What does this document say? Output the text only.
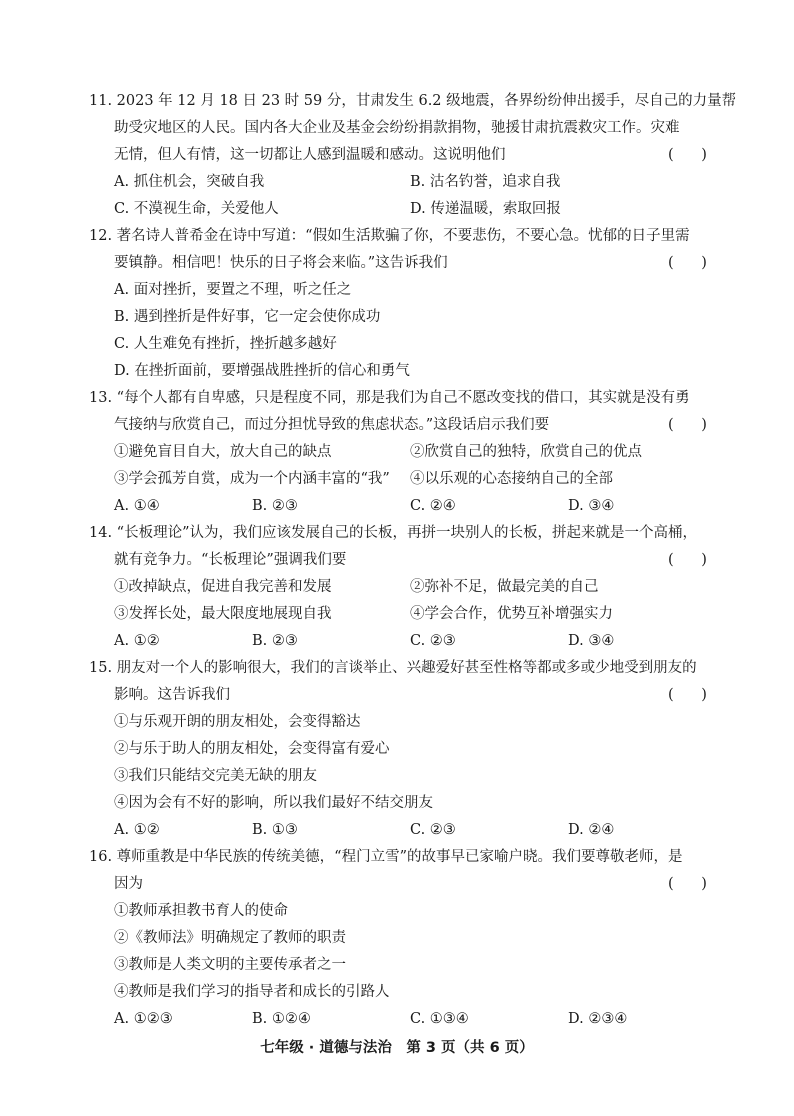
11. 2023 年 12 月 18 日 23 时 59 分，甘肃发生 6.2 级地震，各界纷纷伸出援手，尽自己的力量帮
助受灾地区的人民。国内各大企业及基金会纷纷捐款捐物，驰援甘肃抗震救灾工作。灾难
无情，但人有情，这一切都让人感到温暖和感动。这说明他们	(      )
A. 抓住机会，突破自我	B. 沽名钓誉，追求自我
C. 不漠视生命，关爱他人	D. 传递温暖，索取回报
12. 著名诗人普希金在诗中写道：“假如生活欺骗了你，不要悲伤，不要心急。忧郁的日子里需
要镇静。相信吧！快乐的日子将会来临。”这告诉我们	(      )
A. 面对挫折，要置之不理，听之任之
B. 遇到挫折是件好事，它一定会使你成功
C. 人生难免有挫折，挫折越多越好
D. 在挫折面前，要增强战胜挫折的信心和勇气
13. “每个人都有自卑感，只是程度不同，那是我们为自己不愿改变找的借口，其实就是没有勇
气接纳与欣赏自己，而过分担忧导致的焦虑状态。”这段话启示我们要	(      )
①避免盲目自大，放大自己的缺点	②欣赏自己的独特，欣赏自己的优点
③学会孤芳自赏，成为一个内涵丰富的“我” ④以乐观的心态接纳自己的全部
A. ①④	B. ②③	C. ②④	D. ③④
14. “长板理论”认为，我们应该发展自己的长板，再拼一块别人的长板，拼起来就是一个高桶，
就有竞争力。“长板理论”强调我们要	(      )
①改掉缺点，促进自我完善和发展	②弥补不足，做最完美的自己
③发挥长处，最大限度地展现自我	④学会合作，优势互补增强实力
A. ①②	B. ②③	C. ②③	D. ③④
15. 朋友对一个人的影响很大，我们的言谈举止、兴趣爱好甚至性格等都或多或少地受到朋友的
影响。这告诉我们	(      )
①与乐观开朗的朋友相处，会变得豁达
②与乐于助人的朋友相处，会变得富有爱心
③我们只能结交完美无缺的朋友
④因为会有不好的影响，所以我们最好不结交朋友
A. ①②	B. ①③	C. ②③	D. ②④
16. 尊师重教是中华民族的传统美德，“程门立雪”的故事早已家喻户晓。我们要尊敬老师，是
因为	(      )
①教师承担教书育人的使命
②《教师法》明确规定了教师的职责
③教师是人类文明的主要传承者之一
④教师是我们学习的指导者和成长的引路人
A. ①②③	B. ①②④	C. ①③④	D. ②③④
七年级 · 道德与法治　第 3 页（共 6 页）
